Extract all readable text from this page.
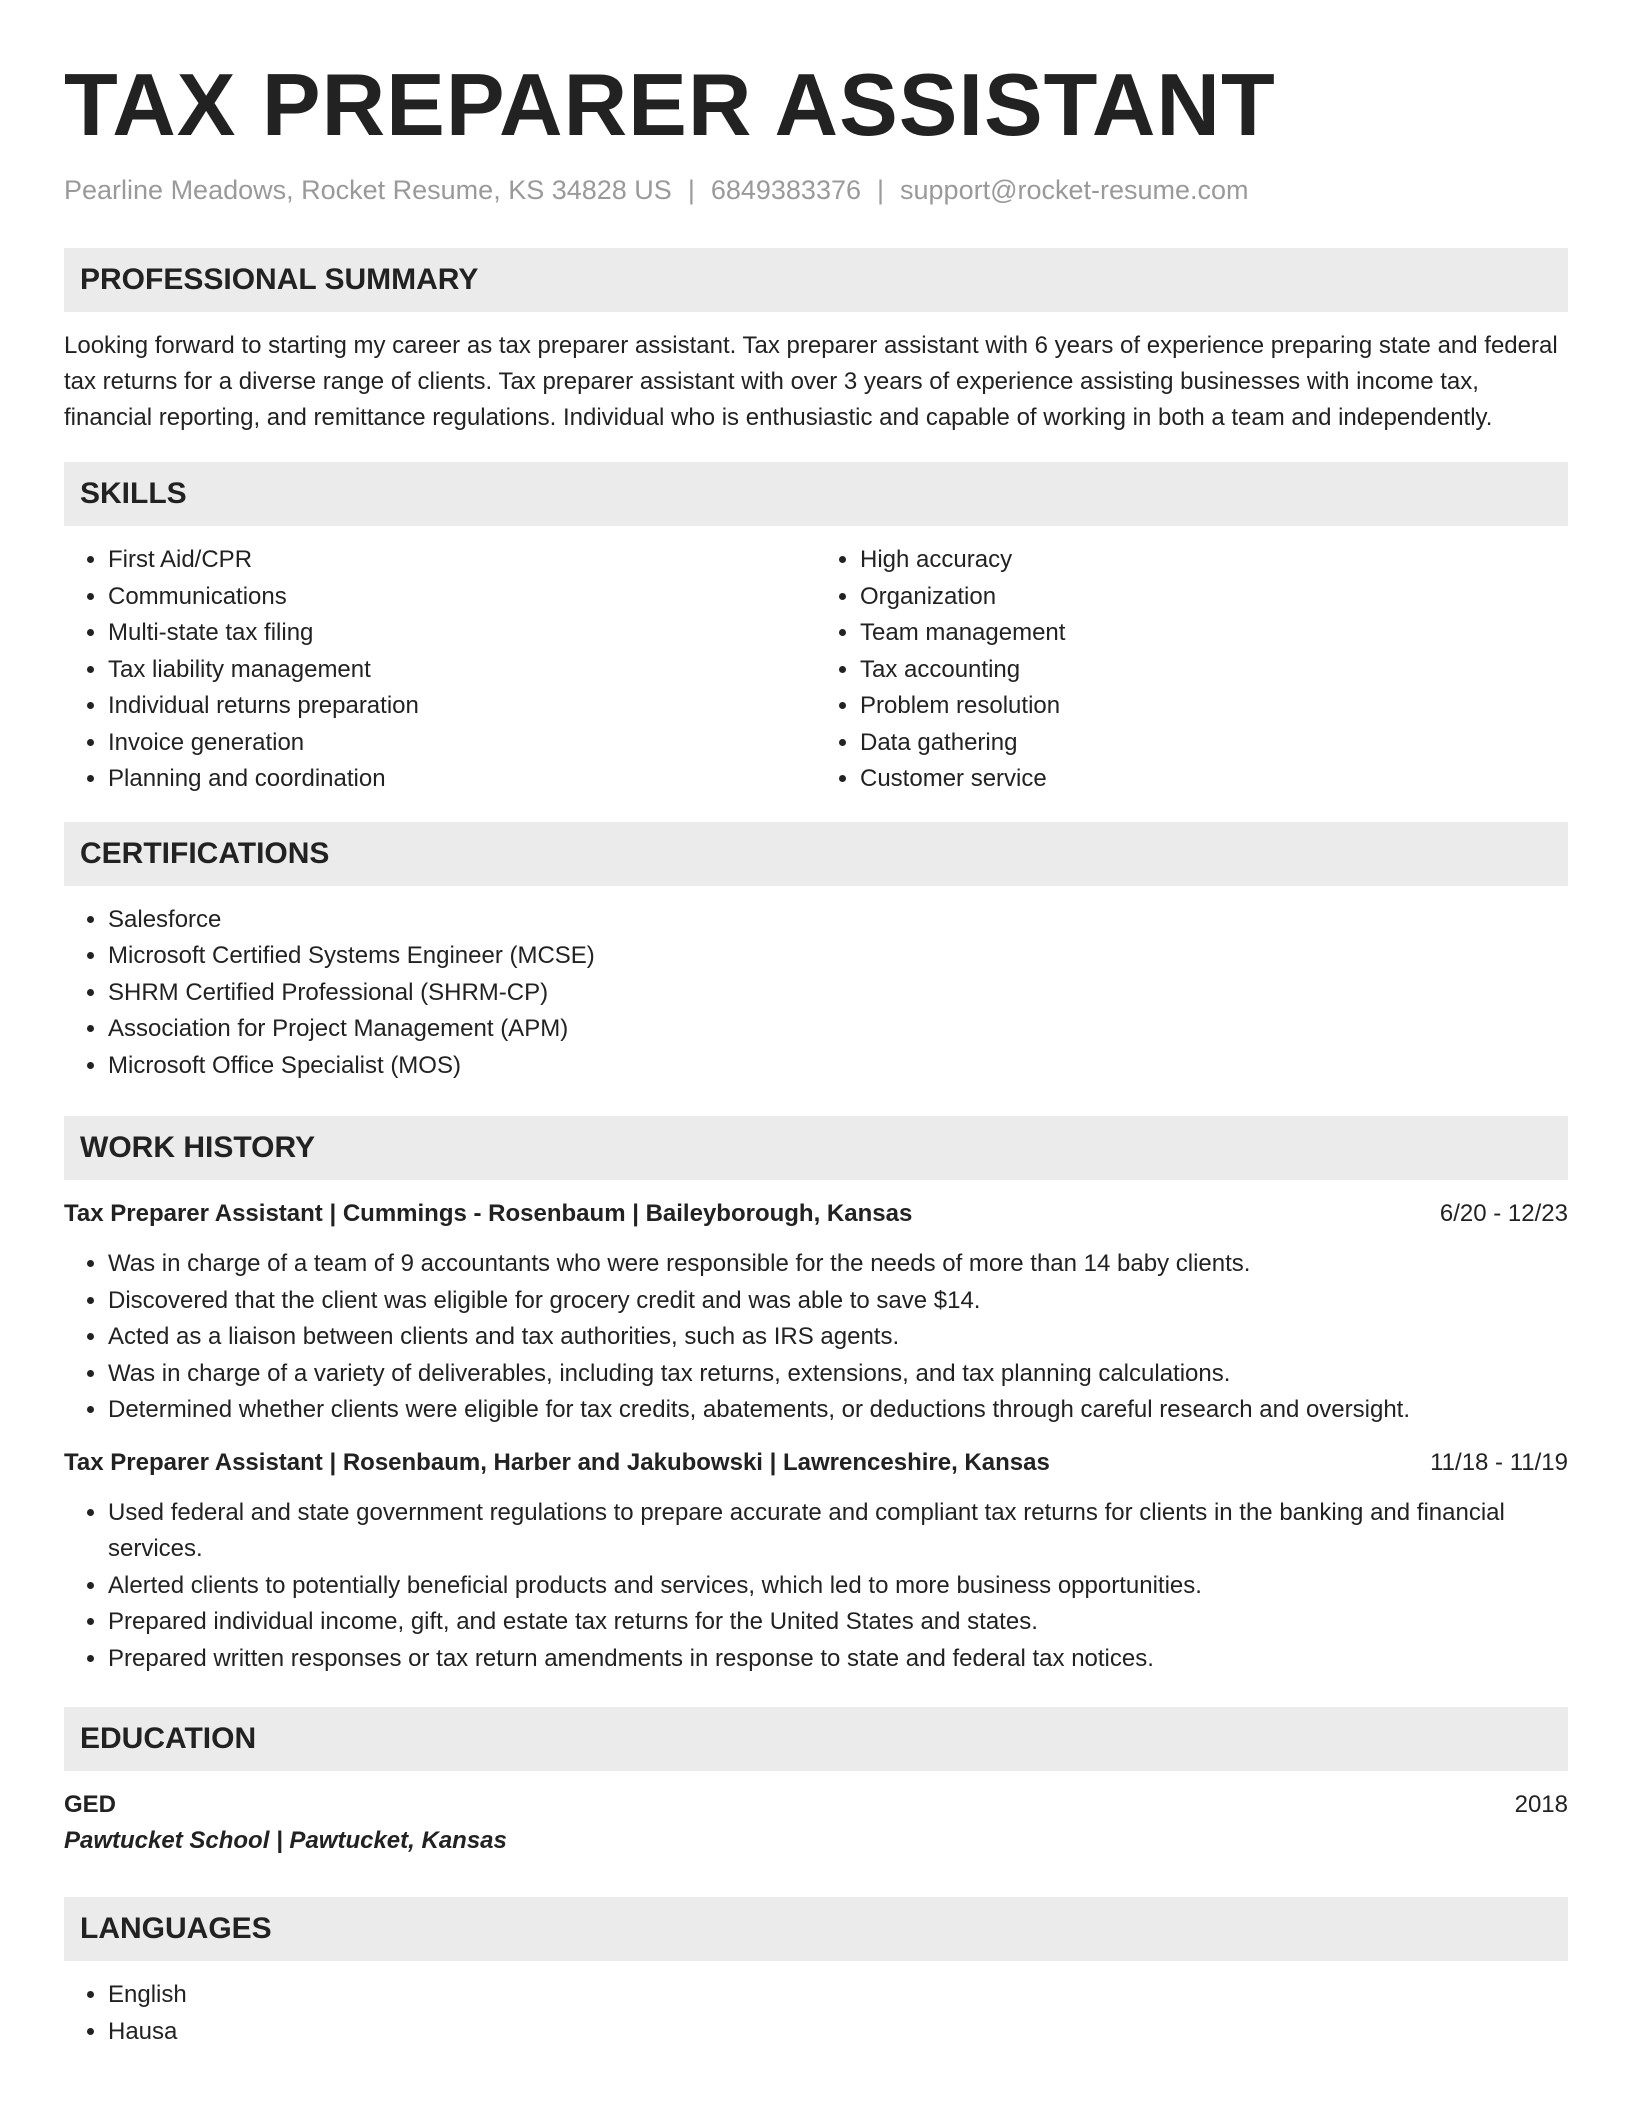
TAX PREPARER ASSISTANT
Pearline Meadows, Rocket Resume, KS 34828 US | 6849383376 | support@rocket-resume.com
PROFESSIONAL SUMMARY
Looking forward to starting my career as tax preparer assistant. Tax preparer assistant with 6 years of experience preparing state and federal tax returns for a diverse range of clients. Tax preparer assistant with over 3 years of experience assisting businesses with income tax, financial reporting, and remittance regulations. Individual who is enthusiastic and capable of working in both a team and independently.
SKILLS
• First Aid/CPR
• Communications
• Multi-state tax filing
• Tax liability management
• Individual returns preparation
• Invoice generation
• Planning and coordination
• High accuracy
• Organization
• Team management
• Tax accounting
• Problem resolution
• Data gathering
• Customer service
CERTIFICATIONS
• Salesforce
• Microsoft Certified Systems Engineer (MCSE)
• SHRM Certified Professional (SHRM-CP)
• Association for Project Management (APM)
• Microsoft Office Specialist (MOS)
WORK HISTORY
Tax Preparer Assistant | Cummings - Rosenbaum | Baileyborough, Kansas	6/20 - 12/23
• Was in charge of a team of 9 accountants who were responsible for the needs of more than 14 baby clients.
• Discovered that the client was eligible for grocery credit and was able to save $14.
• Acted as a liaison between clients and tax authorities, such as IRS agents.
• Was in charge of a variety of deliverables, including tax returns, extensions, and tax planning calculations.
• Determined whether clients were eligible for tax credits, abatements, or deductions through careful research and oversight.
Tax Preparer Assistant | Rosenbaum, Harber and Jakubowski | Lawrenceshire, Kansas	11/18 - 11/19
• Used federal and state government regulations to prepare accurate and compliant tax returns for clients in the banking and financial services.
• Alerted clients to potentially beneficial products and services, which led to more business opportunities.
• Prepared individual income, gift, and estate tax returns for the United States and states.
• Prepared written responses or tax return amendments in response to state and federal tax notices.
EDUCATION
GED	2018
Pawtucket School | Pawtucket, Kansas
LANGUAGES
• English
• Hausa
